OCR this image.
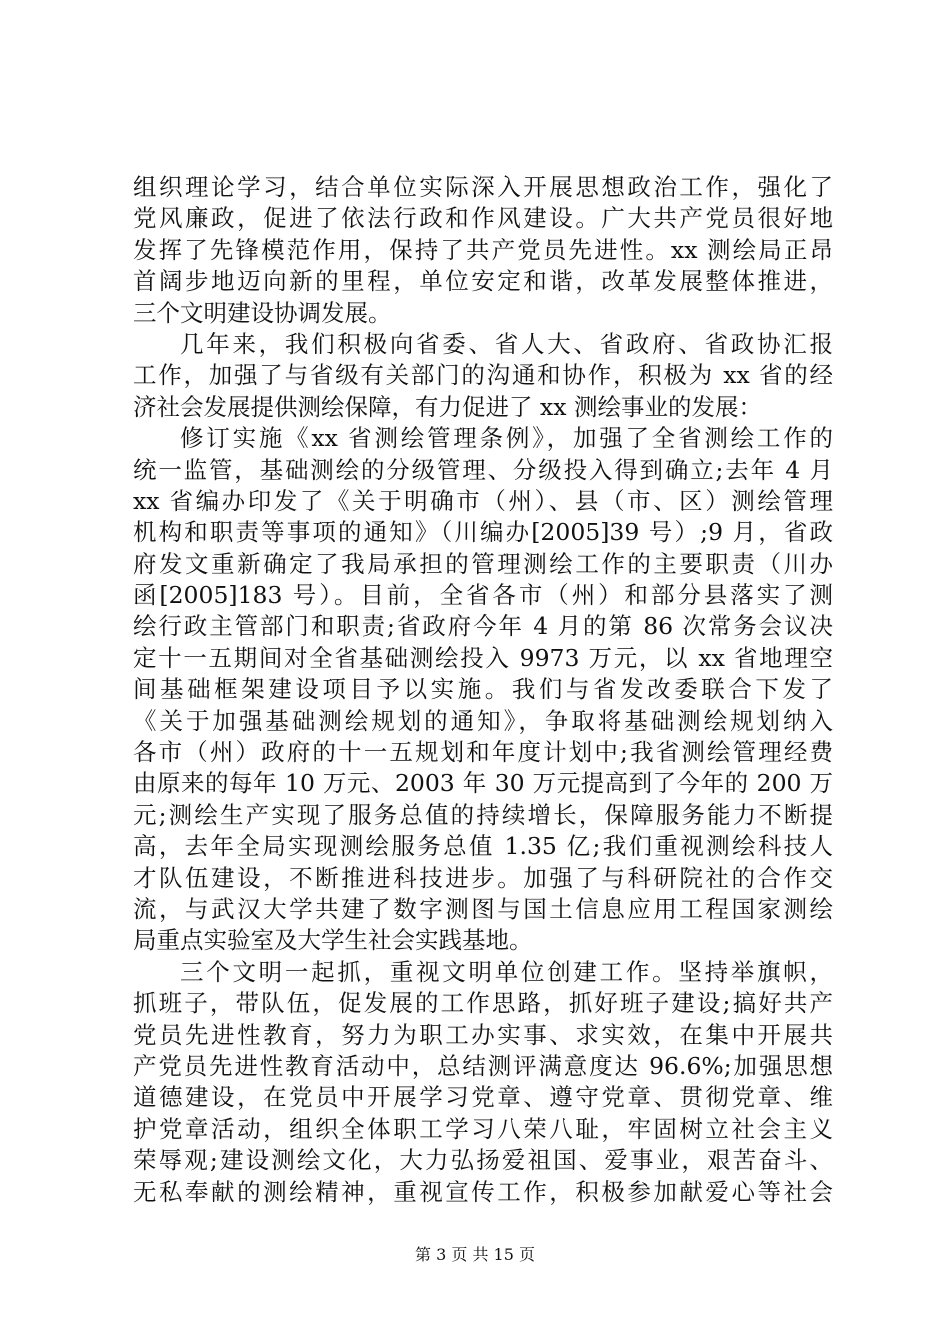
组织理论学习，结合单位实际深入开展思想政治工作，强化了
党风廉政，促进了依法行政和作风建设。广大共产党员很好地
发挥了先锋模范作用，保持了共产党员先进性。xx 测绘局正昂
首阔步地迈向新的里程，单位安定和谐，改革发展整体推进，
三个文明建设协调发展。
几年来，我们积极向省委、省人大、省政府、省政协汇报
工作，加强了与省级有关部门的沟通和协作，积极为 xx 省的经
济社会发展提供测绘保障，有力促进了 xx 测绘事业的发展：
修订实施《xx 省测绘管理条例》，加强了全省测绘工作的
统一监管，基础测绘的分级管理、分级投入得到确立;去年 4 月
xx 省编办印发了《关于明确市（州）、县（市、区）测绘管理
机构和职责等事项的通知》（川编办[2005]39 号）;9 月，省政
府发文重新确定了我局承担的管理测绘工作的主要职责（川办
函[2005]183 号）。目前，全省各市（州）和部分县落实了测
绘行政主管部门和职责;省政府今年 4 月的第 86 次常务会议决
定十一五期间对全省基础测绘投入 9973 万元，以 xx 省地理空
间基础框架建设项目予以实施。我们与省发改委联合下发了
《关于加强基础测绘规划的通知》，争取将基础测绘规划纳入
各市（州）政府的十一五规划和年度计划中;我省测绘管理经费
由原来的每年 10 万元、2003 年 30 万元提高到了今年的 200 万
元;测绘生产实现了服务总值的持续增长，保障服务能力不断提
高，去年全局实现测绘服务总值 1.35 亿;我们重视测绘科技人
才队伍建设，不断推进科技进步。加强了与科研院社的合作交
流，与武汉大学共建了数字测图与国土信息应用工程国家测绘
局重点实验室及大学生社会实践基地。
三个文明一起抓，重视文明单位创建工作。坚持举旗帜，
抓班子，带队伍，促发展的工作思路，抓好班子建设;搞好共产
党员先进性教育，努力为职工办实事、求实效，在集中开展共
产党员先进性教育活动中，总结测评满意度达 96.6%;加强思想
道德建设，在党员中开展学习党章、遵守党章、贯彻党章、维
护党章活动，组织全体职工学习八荣八耻，牢固树立社会主义
荣辱观;建设测绘文化，大力弘扬爱祖国、爱事业，艰苦奋斗、
无私奉献的测绘精神，重视宣传工作，积极参加献爱心等社会
第 3 页 共 15 页
